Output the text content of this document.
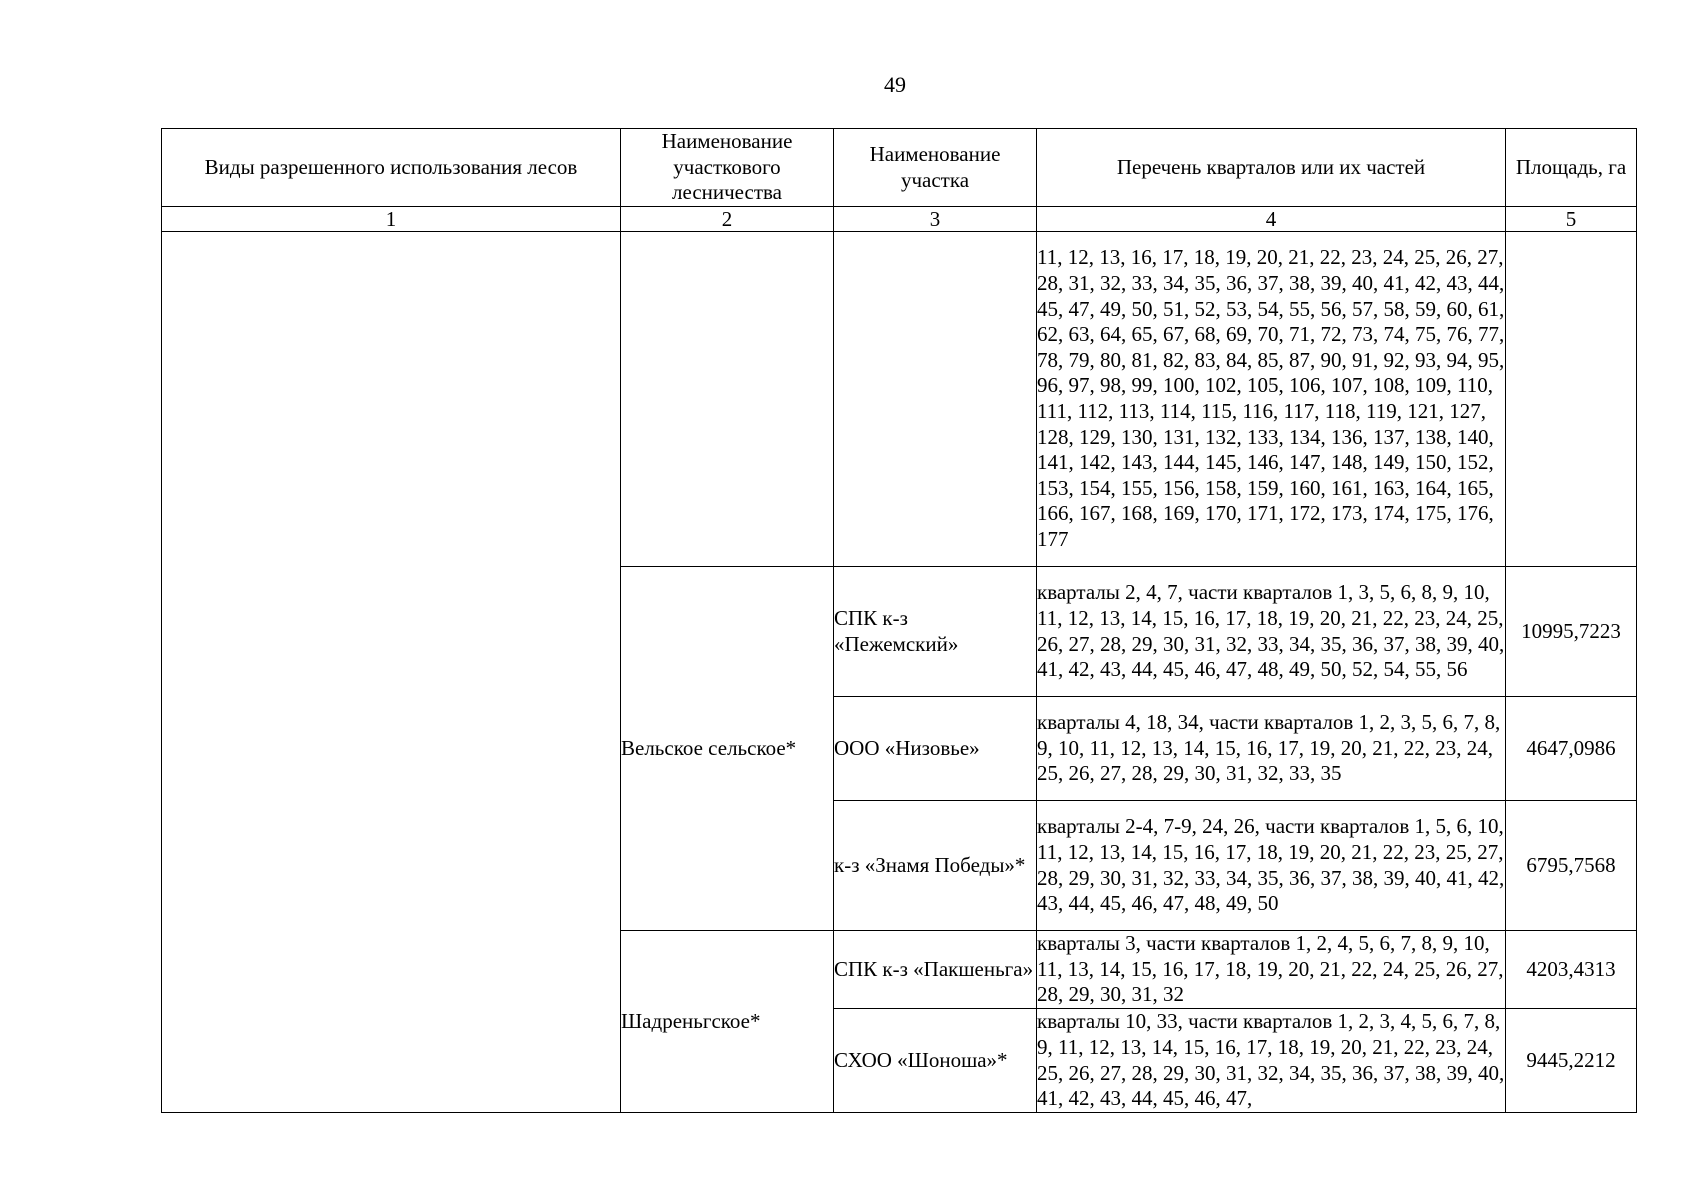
49
Виды разрешенного использования лесов	Наименование участкового лесничества	Наименование участка	Перечень кварталов или их частей	Площадь, га
1	2	3	4	5
			11, 12, 13, 16, 17, 18, 19, 20, 21, 22, 23, 24, 25, 26, 27, 28, 31, 32, 33, 34, 35, 36, 37, 38, 39, 40, 41, 42, 43, 44, 45, 47, 49, 50, 51, 52, 53, 54, 55, 56, 57, 58, 59, 60, 61, 62, 63, 64, 65, 67, 68, 69, 70, 71, 72, 73, 74, 75, 76, 77, 78, 79, 80, 81, 82, 83, 84, 85, 87, 90, 91, 92, 93, 94, 95, 96, 97, 98, 99, 100, 102, 105, 106, 107, 108, 109, 110, 111, 112, 113, 114, 115, 116, 117, 118, 119, 121, 127, 128, 129, 130, 131, 132, 133, 134, 136, 137, 138, 140, 141, 142, 143, 144, 145, 146, 147, 148, 149, 150, 152, 153, 154, 155, 156, 158, 159, 160, 161, 163, 164, 165, 166, 167, 168, 169, 170, 171, 172, 173, 174, 175, 176, 177	
	Вельское сельское*	СПК к-з «Пежемский»	кварталы 2, 4, 7, части кварталов 1, 3, 5, 6, 8, 9, 10, 11, 12, 13, 14, 15, 16, 17, 18, 19, 20, 21, 22, 23, 24, 25, 26, 27, 28, 29, 30, 31, 32, 33, 34, 35, 36, 37, 38, 39, 40, 41, 42, 43, 44, 45, 46, 47, 48, 49, 50, 52, 54, 55, 56	10995,7223
		ООО «Низовье»	кварталы 4, 18, 34, части кварталов 1, 2, 3, 5, 6, 7, 8, 9, 10, 11, 12, 13, 14, 15, 16, 17, 19, 20, 21, 22, 23, 24, 25, 26, 27, 28, 29, 30, 31, 32, 33, 35	4647,0986
		к-з «Знамя Победы»*	кварталы 2-4, 7-9, 24, 26, части кварталов 1, 5, 6, 10, 11, 12, 13, 14, 15, 16, 17, 18, 19, 20, 21, 22, 23, 25, 27, 28, 29, 30, 31, 32, 33, 34, 35, 36, 37, 38, 39, 40, 41, 42, 43, 44, 45, 46, 47, 48, 49, 50	6795,7568
	Шадреньгское*	СПК к-з «Пакшеньга»	кварталы 3, части кварталов 1, 2, 4, 5, 6, 7, 8, 9, 10, 11, 13, 14, 15, 16, 17, 18, 19, 20, 21, 22, 24, 25, 26, 27, 28, 29, 30, 31, 32	4203,4313
		СХОО «Шоноша»*	кварталы 10, 33, части кварталов 1, 2, 3, 4, 5, 6, 7, 8, 9, 11, 12, 13, 14, 15, 16, 17, 18, 19, 20, 21, 22, 23, 24, 25, 26, 27, 28, 29, 30, 31, 32, 34, 35, 36, 37, 38, 39, 40, 41, 42, 43, 44, 45, 46, 47,	9445,2212
